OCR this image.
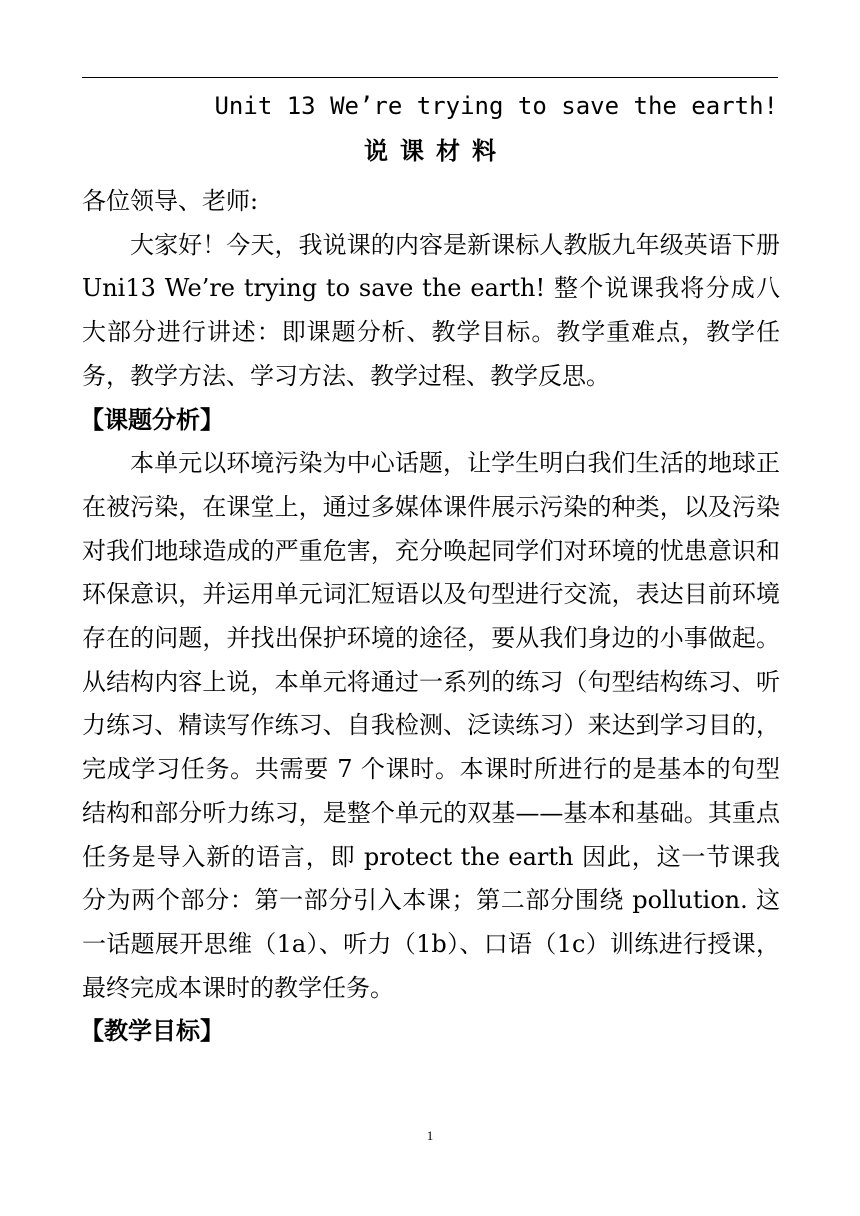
Unit 13 We’re trying to save the earth!
说课材料

各位领导、老师:

大家好！今天，我说课的内容是新课标人教版九年级英语下册Uni13 We’re trying to save the earth! 整个说课我将分成八大部分进行讲述：即课题分析、教学目标。教学重难点，教学任务，教学方法、学习方法、教学过程、教学反思。

【课题分析】

本单元以环境污染为中心话题，让学生明白我们生活的地球正在被污染，在课堂上，通过多媒体课件展示污染的种类，以及污染对我们地球造成的严重危害，充分唤起同学们对环境的忧患意识和环保意识，并运用单元词汇短语以及句型进行交流，表达目前环境存在的问题，并找出保护环境的途径，要从我们身边的小事做起。从结构内容上说，本单元将通过一系列的练习（句型结构练习、听力练习、精读写作练习、自我检测、泛读练习）来达到学习目的，完成学习任务。共需要 7 个课时。本课时所进行的是基本的句型结构和部分听力练习，是整个单元的双基——基本和基础。其重点任务是导入新的语言，即 protect the earth 因此，这一节课我分为两个部分：第一部分引入本课；第二部分围绕 pollution. 这一话题展开思维（1a）、听力（1b）、口语（1c）训练进行授课，最终完成本课时的教学任务。

【教学目标】
1
